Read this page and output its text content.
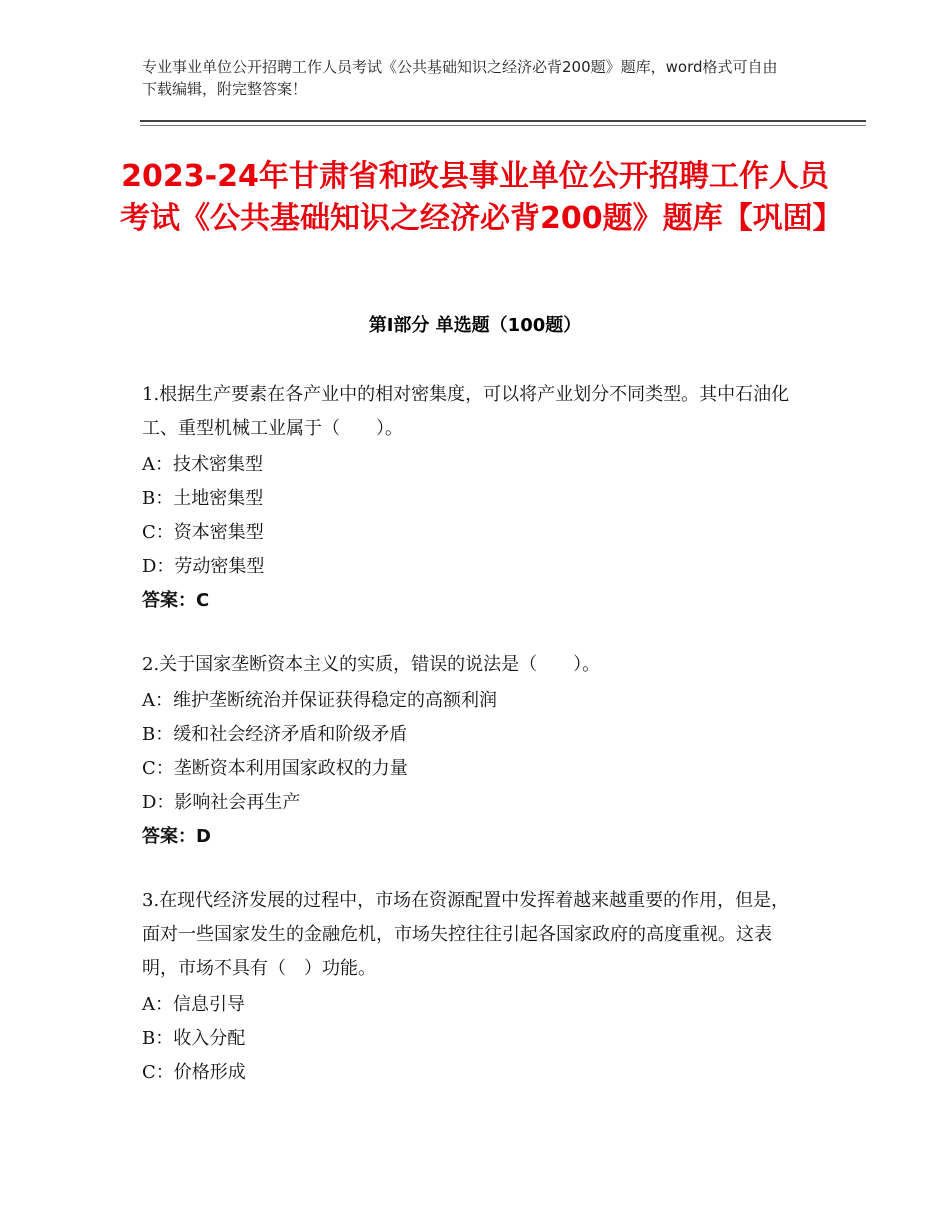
专业事业单位公开招聘工作人员考试《公共基础知识之经济必背200题》题库，word格式可自由下载编辑，附完整答案！
2023-24年甘肃省和政县事业单位公开招聘工作人员考试《公共基础知识之经济必背200题》题库【巩固】
第Ⅰ部分 单选题（100题）
1.根据生产要素在各产业中的相对密集度，可以将产业划分不同类型。其中石油化工、重型机械工业属于（　　）。
A：技术密集型
B：土地密集型
C：资本密集型
D：劳动密集型
答案：C
2.关于国家垄断资本主义的实质，错误的说法是（　　）。
A：维护垄断统治并保证获得稳定的高额利润
B：缓和社会经济矛盾和阶级矛盾
C：垄断资本利用国家政权的力量
D：影响社会再生产
答案：D
3.在现代经济发展的过程中，市场在资源配置中发挥着越来越重要的作用，但是，面对一些国家发生的金融危机，市场失控往往引起各国家政府的高度重视。这表明，市场不具有（　）功能。
A：信息引导
B：收入分配
C：价格形成
